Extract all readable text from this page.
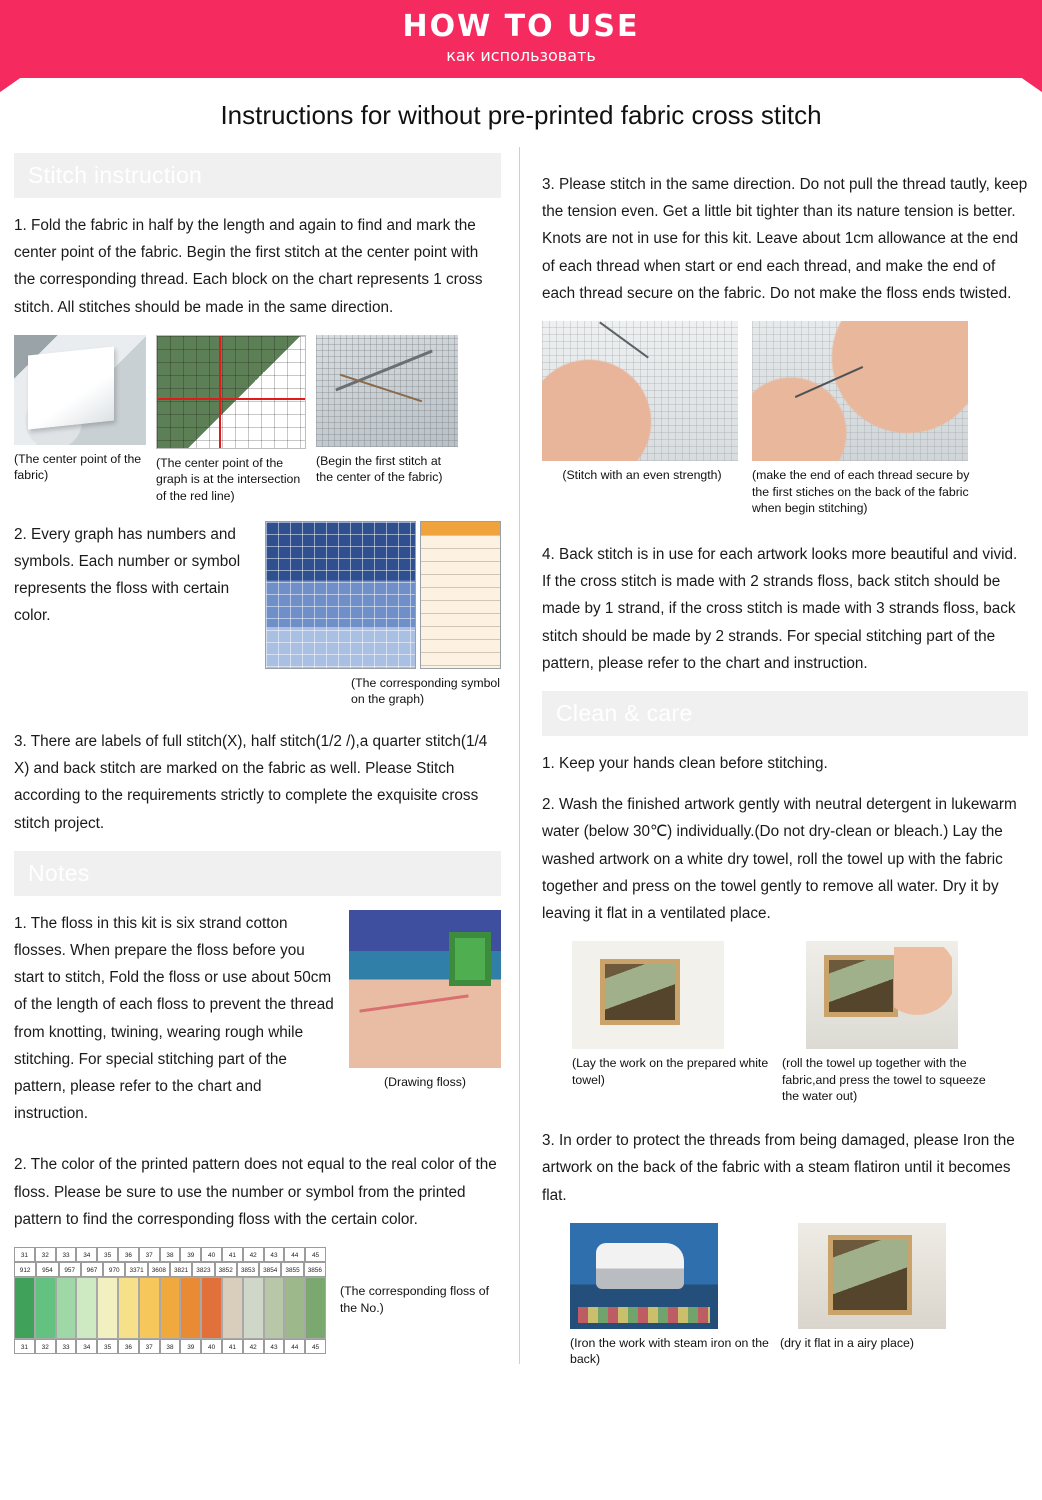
HOW TO USE
как использовать
Instructions for without pre-printed fabric cross stitch
Stitch instruction

1. Fold the fabric in half by the length and again to find and mark the center point of the fabric. Begin the first stitch at the center point with the corresponding thread. Each block on the chart represents 1 cross stitch. All stitches should be made in the same direction.

(The center point of the fabric)
(The center point of the graph is at the intersection of the red line)
(Begin the first stitch at the center of the fabric)

2. Every graph has numbers and symbols. Each number or symbol represents the floss with certain color.

(The corresponding symbol on the graph)

3. There are labels of full stitch(X), half stitch(1/2 /),a quarter stitch(1/4 X) and back stitch are marked on the fabric as well. Please Stitch according to the requirements strictly to complete the exquisite cross stitch project.

Notes

1. The floss in this kit is six strand cotton flosses. When prepare the floss before you start to stitch, Fold the floss or use about 50cm of the length of each floss to prevent the thread from knotting, twining, wearing rough while stitching. For special stitching part of the pattern, please refer to the chart and instruction.

(Drawing floss)

2. The color of the printed pattern does not equal to the real color of the floss. Please be sure to use the number or symbol from the printed pattern to find the corresponding floss with the certain color.

31	32	33	34	35	36	37	38	39	40	41	42	43	44	45
912	954	957	967	970	3371	3608	3821	3823	3852	3853	3854	3855	3856
31	32	33	34	35	36	37	38	39	40	41	42	43	44	45
(The corresponding floss of the No.)

3. Please stitch in the same direction. Do not pull the thread tautly, keep the tension even. Get a little bit tighter than its nature tension is better. Knots are not in use for this kit. Leave about 1cm allowance at the end of each thread when start or end each thread, and make the end of each thread secure on the fabric. Do not make the floss ends twisted.

(Stitch with an even strength)	(make the end of each thread secure by the first stiches on the back of the fabric when begin stitching)

4. Back stitch is in use for each artwork looks more beautiful and vivid. If the cross stitch is made with 2 strands floss, back stitch should be made by 1 strand, if the cross stitch is made with 3 strands floss, back stitch should be made by 2 strands. For special stitching part of the pattern, please refer to the chart and instruction.

Clean & care

1. Keep your hands clean before stitching.

2. Wash the finished artwork gently with neutral detergent in lukewarm water (below 30℃) individually.(Do not dry-clean or bleach.) Lay the washed artwork on a white dry towel, roll the towel up with the fabric together and press on the towel gently to remove all water. Dry it by leaving it flat in a ventilated place.

(Lay the work on the prepared white towel)
(roll the towel up together with the fabric,and press the towel to squeeze the water out)

3. In order to protect the threads from being damaged, please Iron the artwork on the back of the fabric with a steam flatiron until it becomes flat.

(Iron the work with steam iron on the back)
(dry it flat in a airy place)
